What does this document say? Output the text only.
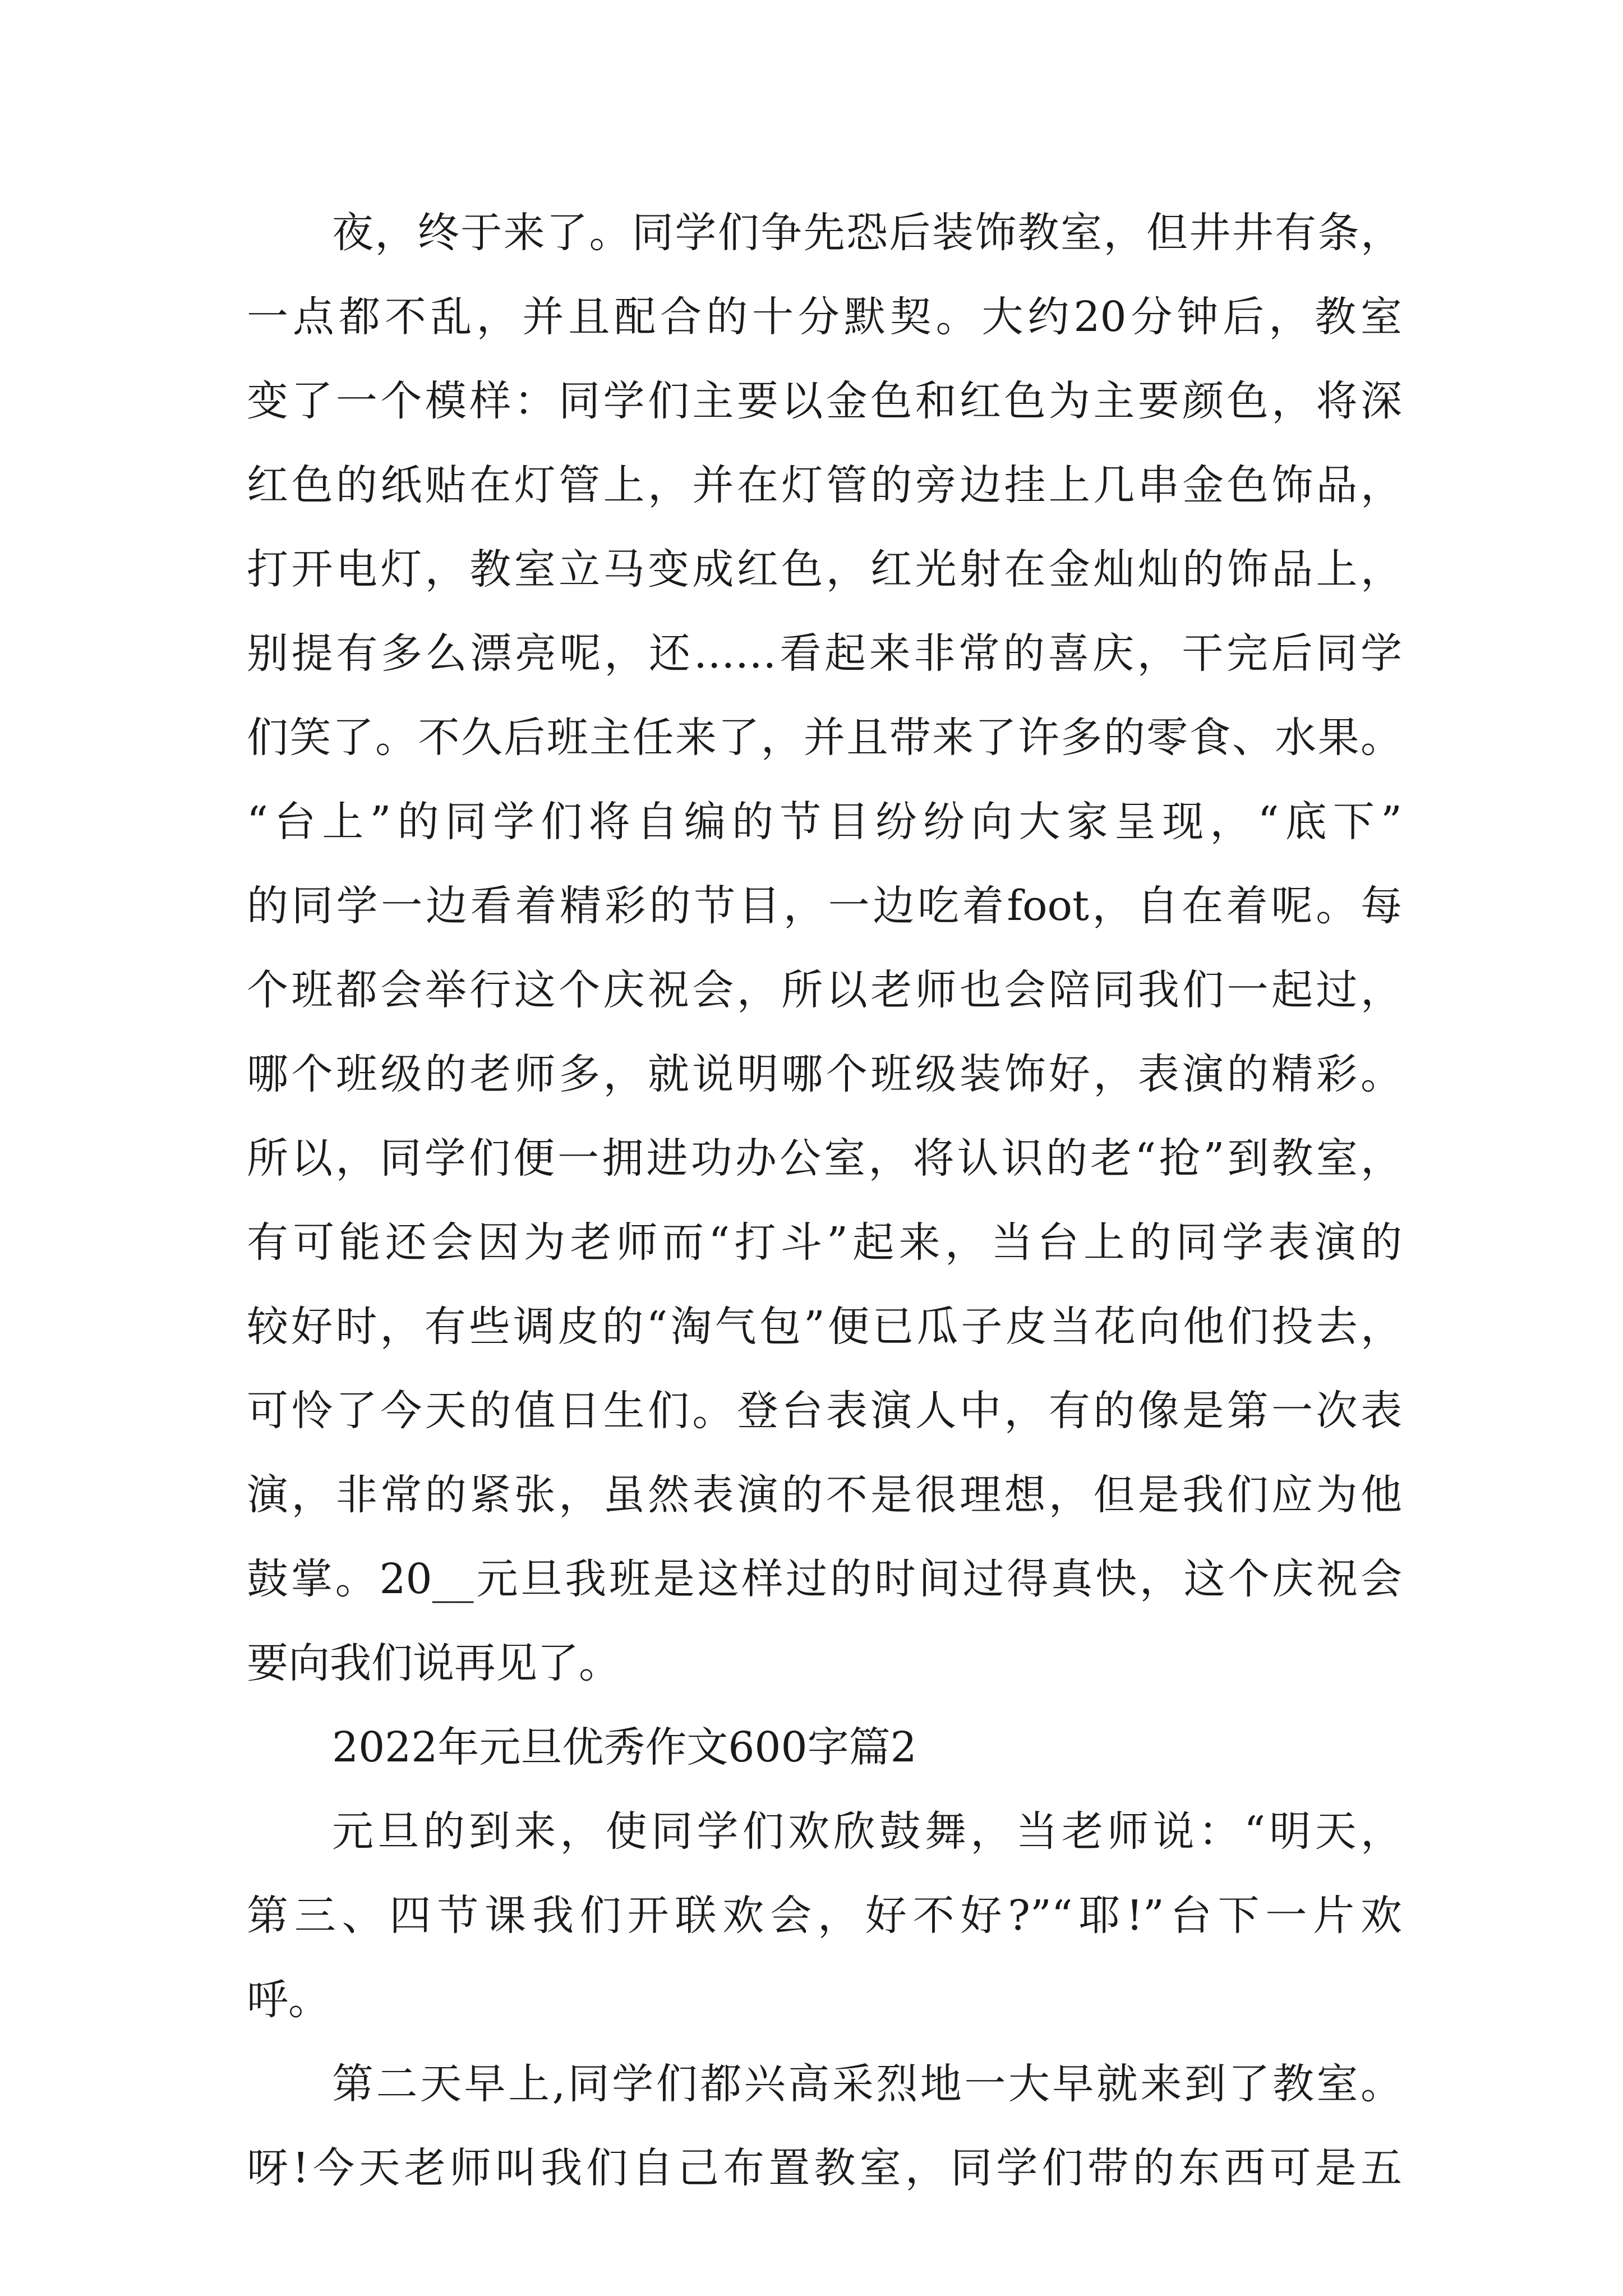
夜，终于来了。同学们争先恐后装饰教室，但井井有条，
一点都不乱，并且配合的十分默契。大约20分钟后，教室
变了一个模样：同学们主要以金色和红色为主要颜色，将深
红色的纸贴在灯管上，并在灯管的旁边挂上几串金色饰品，
打开电灯，教室立马变成红色，红光射在金灿灿的饰品上，
别提有多么漂亮呢，还……看起来非常的喜庆，干完后同学
们笑了。不久后班主任来了，并且带来了许多的零食、水果。
“台上”的同学们将自编的节目纷纷向大家呈现，“底下”
的同学一边看着精彩的节目，一边吃着foot，自在着呢。每
个班都会举行这个庆祝会，所以老师也会陪同我们一起过，
哪个班级的老师多，就说明哪个班级装饰好，表演的精彩。
所以，同学们便一拥进功办公室，将认识的老“抢”到教室，
有可能还会因为老师而“打斗”起来，当台上的同学表演的
较好时，有些调皮的“淘气包”便已瓜子皮当花向他们投去，
可怜了今天的值日生们。登台表演人中，有的像是第一次表
演，非常的紧张，虽然表演的不是很理想，但是我们应为他
鼓掌。20__元旦我班是这样过的时间过得真快，这个庆祝会
要向我们说再见了。
2022年元旦优秀作文600字篇2
元旦的到来，使同学们欢欣鼓舞，当老师说：“明天，
第三、四节课我们开联欢会，好不好?”“耶!”台下一片欢
呼。
第二天早上,同学们都兴高采烈地一大早就来到了教室。
呀!今天老师叫我们自己布置教室，同学们带的东西可是五
